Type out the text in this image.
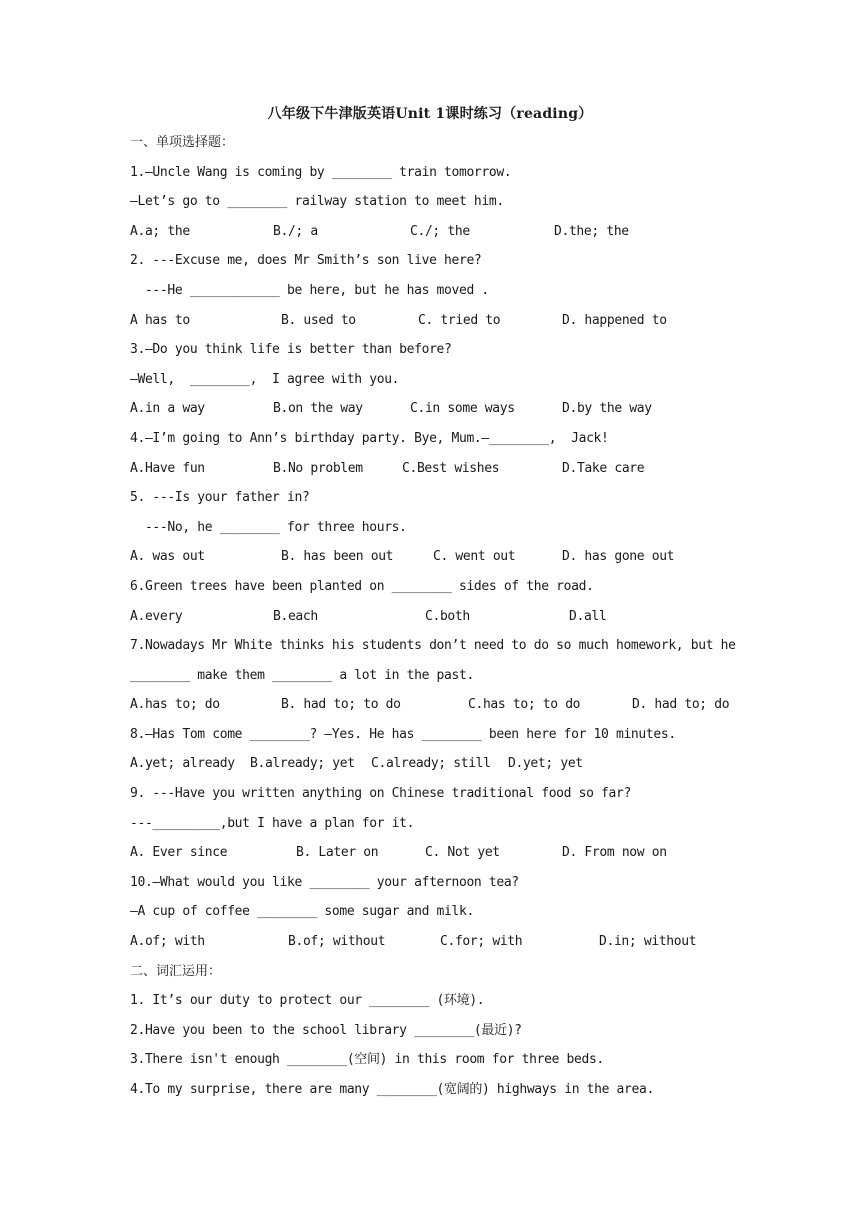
八年级下牛津版英语Unit 1课时练习（reading）
一、单项选择题：
1.—Uncle Wang is coming by ________ train tomorrow.
—Let’s go to ________ railway station to meet him.

A.a; the

	B./; a

	C./; the

	D.the; the

2. ---Excuse me, does Mr Smith’s son live here?
---He ____________ be here, but he has moved .

A has to

	B. used to

	C. tried to

	D. happened to

3.—Do you think life is better than before?
—Well,  ________,  I agree with you.

A.in a way

	B.on the way

	C.in some ways

	D.by the way

4.—I’m going to Ann’s birthday party. Bye, Mum.—________,  Jack!

A.Have fun

	B.No problem

	C.Best wishes

	D.Take care

5. ---Is your father in?
---No, he ________ for three hours.

A. was out

	B. has been out

	C. went out

	D. has gone out

6.Green trees have been planted on ________ sides of the road.

A.every

	B.each

	C.both

	D.all

7.Nowadays Mr White thinks his students don’t need to do so much homework, but he
________ make them ________ a lot in the past.

A.has to; do

	B. had to; to do

	C.has to; to do

	D. had to; do

8.—Has Tom come ________? —Yes. He has ________ been here for 10 minutes.

A.yet; already

B.already; yet

C.already; still

D.yet; yet

9. ---Have you written anything on Chinese traditional food so far?
---_________,but I have a plan for it.

A. Ever since

	B. Later on

	C. Not yet

	D. From now on

10.—What would you like ________ your afternoon tea?
—A cup of coffee ________ some sugar and milk.

A.of; with

	B.of; without

	C.for; with

	D.in; without

二、词汇运用：
1. It’s our duty to protect our ________ (环境).
2.Have you been to the school library ________(最近)?
3.There isn't enough ________(空间) in this room for three beds.
4.To my surprise, there are many ________(宽阔的) highways in the area.
